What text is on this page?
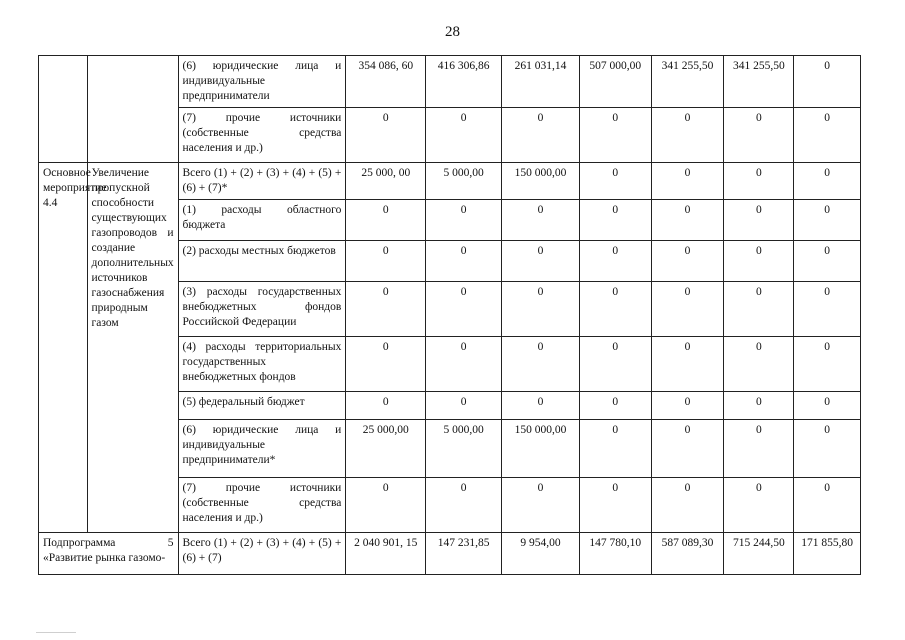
28
		(6) юридические лица и индивидуальные предприниматели	354 086, 60	416 306,86	261 031,14	507 000,00	341 255,50	341 255,50	0
		(7) прочие источники (собственные средства населения и др.)	0	0	0	0	0	0	0
Основное мероприятие 4.4	Увеличение пропускной способности существующих газопроводов и создание дополнительных источников газоснабжения природным газом	Всего (1) + (2) + (3) + (4) + (5) + (6) + (7)*	25 000, 00	5 000,00	150 000,00	0	0	0	0
		(1) расходы областного бюджета	0	0	0	0	0	0	0
		(2) расходы местных бюджетов	0	0	0	0	0	0	0
		(3) расходы государственных внебюджетных фондов Российской Федерации	0	0	0	0	0	0	0
		(4) расходы территориальных государственных внебюджетных фондов	0	0	0	0	0	0	0
		(5) федеральный бюджет	0	0	0	0	0	0	0
		(6) юридические лица и индивидуальные предприниматели*	25 000,00	5 000,00	150 000,00	0	0	0	0
		(7) прочие источники (собственные средства населения и др.)	0	0	0	0	0	0	0
Подпрограмма 5 «Развитие рынка газомо-		Всего (1) + (2) + (3) + (4) + (5) + (6) + (7)	2 040 901, 15	147 231,85	9 954,00	147 780,10	587 089,30	715 244,50	171 855,80
